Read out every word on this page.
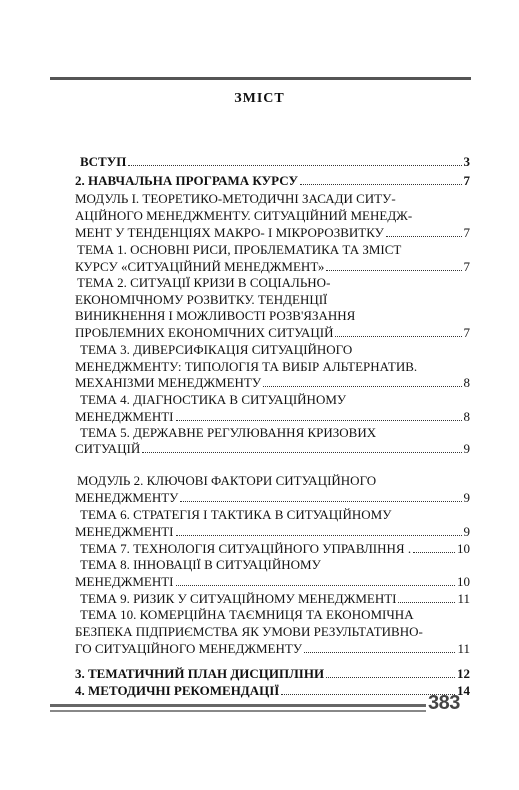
ЗМІСТ
ВСТУП	3
2. НАВЧАЛЬНА ПРОГРАМА КУРСУ	7
МОДУЛЬ I. ТЕОРЕТИКО-МЕТОДИЧНІ ЗАСАДИ СИТУ-
АЦІЙНОГО МЕНЕДЖМЕНТУ. СИТУАЦІЙНИЙ МЕНЕДЖ-
МЕНТ У ТЕНДЕНЦІЯХ МАКРО- І МІКРОРОЗВИТКУ	7
ТЕМА 1. ОСНОВНІ РИСИ, ПРОБЛЕМАТИКА ТА ЗМІСТ
КУРСУ «СИТУАЦІЙНИЙ МЕНЕДЖМЕНТ»	7
ТЕМА 2. СИТУАЦІЇ КРИЗИ В СОЦІАЛЬНО-
ЕКОНОМІЧНОМУ РОЗВИТКУ. ТЕНДЕНЦІЇ
ВИНИКНЕННЯ І МОЖЛИВОСТІ РОЗВ'ЯЗАННЯ
ПРОБЛЕМНИХ ЕКОНОМІЧНИХ СИТУАЦІЙ	7
ТЕМА 3. ДИВЕРСИФІКАЦІЯ СИТУАЦІЙНОГО
МЕНЕДЖМЕНТУ: ТИПОЛОГІЯ ТА ВИБІР АЛЬТЕРНАТИВ.
МЕХАНІЗМИ МЕНЕДЖМЕНТУ	8
ТЕМА 4. ДІАГНОСТИКА В СИТУАЦІЙНОМУ
МЕНЕДЖМЕНТІ	8
ТЕМА 5. ДЕРЖАВНЕ РЕГУЛЮВАННЯ КРИЗОВИХ
СИТУАЦІЙ	9
МОДУЛЬ 2. КЛЮЧОВІ ФАКТОРИ СИТУАЦІЙНОГО
МЕНЕДЖМЕНТУ	9
ТЕМА 6. СТРАТЕГІЯ І ТАКТИКА В СИТУАЦІЙНОМУ
МЕНЕДЖМЕНТІ	9
ТЕМА 7. ТЕХНОЛОГІЯ СИТУАЦІЙНОГО УПРАВЛІННЯ .	10
ТЕМА 8. ІННОВАЦІЇ В СИТУАЦІЙНОМУ
МЕНЕДЖМЕНТІ	10
ТЕМА 9. РИЗИК У СИТУАЦІЙНОМУ МЕНЕДЖМЕНТІ	11
ТЕМА 10. КОМЕРЦІЙНА ТАЄМНИЦЯ ТА ЕКОНОМІЧНА
БЕЗПЕКА ПІДПРИЄМСТВА ЯК УМОВИ РЕЗУЛЬТАТИВНО-
ГО СИТУАЦІЙНОГО МЕНЕДЖМЕНТУ	11
3. ТЕМАТИЧНИЙ ПЛАН ДИСЦИПЛІНИ	12
4. МЕТОДИЧНІ РЕКОМЕНДАЦІЇ	14
383
